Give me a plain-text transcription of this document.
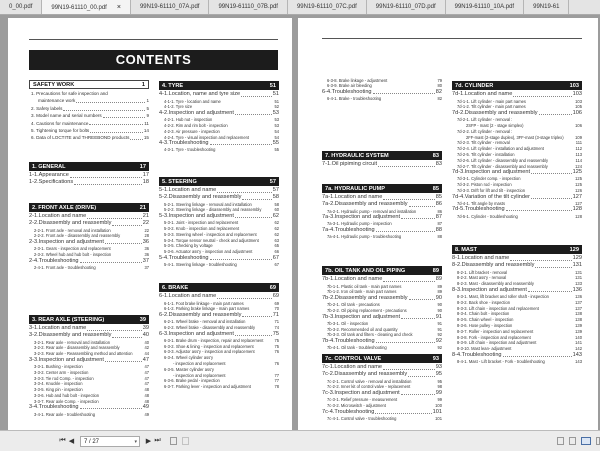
0_00.pdf	99N19-61110_00.pdf ×	99N19-61110_07A.pdf	99N19-61110_07B.pdf	99N19-61110_07C.pdf	99N19-61110_07D.pdf	99N19-61110_10A.pdf	99N19-61
CONTENTS
SAFETY WORK	1
1. Precautions for safe inspection and
maintenance work	1
2. Safety labels	5
3. Model name and serial numbers	9
4. Cautions for maintenance	11
5. Tightening torque for bolts	14
6. Data of LOCTITE and THREEBOND products	15
1. GENERAL	17
1-1.Appearance	17
1-2.Specifications	18
2. FRONT AXLE (DRIVE)	21
2-1.Location and name	21
2-2.Disassembly and reassembly	22
2-2-1. Front axle - removal and installation	22
2-2-2. Front axle - disassembly and reassembly	28
2-3.Inspection and adjustment	36
2-3-1. Gears - inspection and replacement	36
2-3-2. Wheel hub and hub bolt - inspection	36
2-4.Troubleshooting	37
2-4-1. Front axle - troubleshooting	37
3. REAR AXLE (STEERING)	39
3-1.Location and name	39
3-2.Disassembly and reassembly	40
3-2-1. Rear axle - removal and installation	40
3-2-2. Rear axle - disassembly and reassembly	42
3-2-3. Rear axle - Reassembling method and attention	44
3-3.Inspection and adjustment	47
3-3-1. Bushing - inspection	47
3-3-2. Center arm - inspection	47
3-3-3. Tie rod Comp. - inspection	47
3-3-4. Knuckle - inspection	47
3-3-5. King pin - inspection	48
3-3-6. Hub and hub bolt - inspection	48
3-3-7. Rear axle Comp. - inspection	48
3-4.Troubleshooting	49
3-4-1. Rear axle - troubleshooting	49
4. TYRE	51
4-1.Location, name and tyre size	51
4-1-1. Tyre - location and name	51
4-1-2. Tyre size	52
4-2.Inspection and adjustment	53
4-2-1. Hub nut - inspection	53
4-2-2. Rim and rim bolt - inspection	53
4-2-3. Air pressure - inspection	54
4-2-4. Tyre - visual inspection and replacement	54
4-3.Troubleshooting	55
4-3-1. Tyre - troubleshooting	55
5. STEERING	57
5-1.Location and name	57
5-2.Disassembly and reassembly	58
5-2-1. Steering linkage - removal and installation	58
5-2-2. Steering linkage - disassembly and reassembly	60
5-3.Inspection and adjustment	62
5-3-1. Joint - inspection and replacement	62
5-3-2. Knob - inspection and replacement	62
5-3-3. Steering wheel - inspection and replacement	62
5-3-4. Torque sensor neutral - check and adjustment	63
5-3-5. Checking by voltage	65
5-3-6. Actuator ass'y - inspection and adjustment	66
5-4.Troubleshooting	67
5-4-1. Steering linkage - troubleshooting	67
6. BRAKE	69
6-1.Location and name	69
6-1-1. Foot brake linkage - main part names	69
6-1-2. Parking brake linkage - main part names	70
6-2.Disassembly and reassembly	71
6-2-1. Wheel brake - removal and installation	71
6-2-2. Wheel brake - disassembly and reassembly	74
6-3.Inspection and adjustment	75
6-3-1. Brake drum - inspection, repair and replacement	75
6-3-2. Shoe & lining - inspection and replacement	75
6-3-3. Adjustor ass'y - inspection and replacement	76
6-3-4. Wheel cylinder ass'y
- inspection and replacement	76
6-3-5. Master cylinder ass'y
- inspection and replacement	77
6-3-6. Brake pedal - inspection	77
6-3-7. Parking lever - inspection and adjustment	78
6-3-8. Brake linkage - adjustment	79
6-3-9. Brake air bleeding	80
6-4.Troubleshooting	82
6-4-1. Brake - troubleshooting	82
7. HYDRAULIC SYSTEM	83
7-1.Oil pipiming circuit	83
7a. HYDRAULIC PUMP	85
7a-1.Location and name	85
7a-2.Disassembly and reassembly	86
7a-2-1. Hydraulic pump - removal and installation	86
7a-3.Inspection and adjustment	87
7a-3-1. Hydraulic pump - inspection	87
7a-4.Troubleshooting	88
7a-4-1. Hydraulic pump - troubleshooting	88
7b. OIL TANK AND OIL PIPING	89
7b-1.Location and name	89
7b-1-1. Plastic oil tank - main part names	89
7b-1-2. Iron oil tank - main part names	89
7b-2.Disassembly and reassembly	90
7b-2-1. Oil tank - precautions	90
7b-2-2. Oil piping replacement - precautions	90
7b-3.Inspection and adjustment	91
7b-3-1. Oil - inspection	91
7b-3-2. Recommended oil and quantity	91
7b-3-3. Oil tank and filters - cleaning and check	92
7b-4.Troubleshooting	92
7b-4-1. Oil tank - troubleshooting	92
7c. CONTROL VALVE	93
7c-1.Location and name	93
7c-2.Disassembly and reassembly	95
7c-2-1. Control valve - removal and installation	95
7c-2-2. Inner kit of control valve - replacement	98
7c-3.Inspection and adjustment	99
7c-3-1. Relief pressure - measurement	99
7c-3-2. Microswitch - adjustment	100
7c-4.Troubleshooting	101
7c-4-1. Control valve - troubleshooting	101
7d. CYLINDER	103
7d-1.Location and name	103
7d-1-1. Lift cylinder - main part names	103
7d-1-2. Tilt cylinder - main part names	105
7d-2.Disassembly and reassembly	106
7d-2-1. Lift cylinder - removal :
2SFP - mast (2 - stage simplex)	106
7d-2-2. Lift cylinder - removal :
2FF-mast (2-stage duplex), 3FF-mast (3-stage triplex)	109
7d-2-3. Tilt cylinder - removal	111
7d-2-4. Lift cylinder - installation and adjustment	112
7d-2-5. Tilt cylinder - installation	113
7d-2-6. Lift cylinder - disassembly and reassembly	114
7d-2-7. Tilt cylinder - disassembly and reassembly	124
7d-3.Inspection and adjustment	125
7d-3-1. Cylinder comp. - inspection	125
7d-3-2. Piston rod - inspection	125
7d-3-3. Drift for lift and tilt - inspection	126
7d-4.Variation of the tilt cylinder	127
7d-4-1. Tilt angle by masts	127
7d-5.Troubleshooting	128
7d-5-1. Cylinder - troubleshooting	128
8. MAST	129
8-1.Location and name	129
8-2.Disassembly and reassembly	131
8-2-1. Lift bracket - removal	131
8-2-2. Mast ass'y - removal	131
8-2-3. Mast - disassembly and reassembly	133
8-3.Inspection and adjustment	136
8-3-1. Mast, lift bracket and roller shaft - inspection	136
8-3-2. Back shoe - inspection	137
8-3-3. Lift chain - inspection and replacement	137
8-3-4. Chain bolt - inspection	138
8-3-5. Chain wheel - inspection	138
8-3-6. Hose pulley - inspection	139
8-3-7. Roller - inspection and replacement	139
8-3-8. Fork - inspection and replacement	140
8-3-9. Lift chain - inspection and adjustment	141
8-3-10. Mast lean- adjustment	142
8-4.Troubleshooting	143
8-4-1. Mast - Lift bracket - Fork - troubleshooting	143
⏮ ◀	7 / 27	▾ ▶ ⏭
